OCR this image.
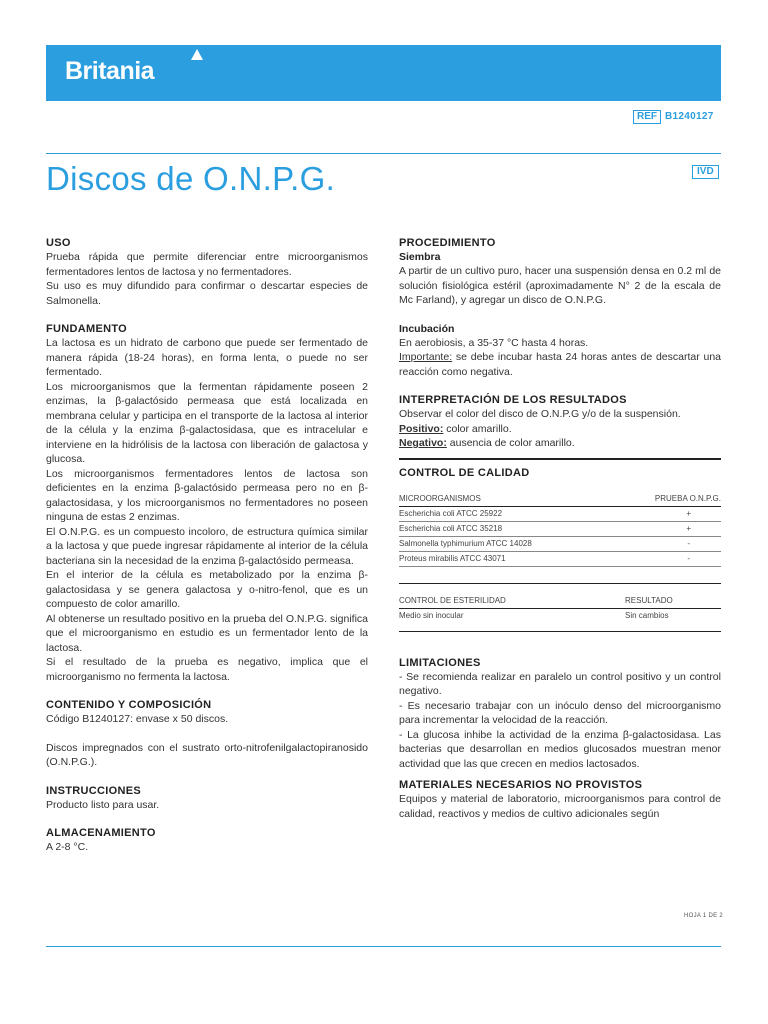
Britania
REF B1240127
Discos de O.N.P.G.	IVD
USO

Prueba rápida que permite diferenciar entre microorganismos fermentadores lentos de lactosa y no fermentadores.

Su uso es muy difundido para confirmar o descartar especies de Salmonella.

FUNDAMENTO

La lactosa es un hidrato de carbono que puede ser fermentado de manera rápida (18-24 horas), en forma lenta, o puede no ser fermentado.

Los microorganismos que la fermentan rápidamente poseen 2 enzimas, la β-galactósido permeasa que está localizada en membrana celular y participa en el transporte de la lactosa al interior de la célula y la enzima β-galactosidasa, que es intracelular e interviene en la hidrólisis de la lactosa con liberación de galactosa y glucosa.

Los microorganismos fermentadores lentos de lactosa son deficientes en la enzima β-galactósido permeasa pero no en β-galactosidasa, y los microorganismos no fermentadores no poseen ninguna de estas 2 enzimas.

El O.N.P.G. es un compuesto incoloro, de estructura química similar a la lactosa y que puede ingresar rápidamente al interior de la célula bacteriana sin la necesidad de la enzima β-galactósido permeasa.

En el interior de la célula es metabolizado por la enzima β-galactosidasa y se genera galactosa y o-nitro-fenol, que es un compuesto de color amarillo.

Al obtenerse un resultado positivo en la prueba del O.N.P.G. significa que el microorganismo en estudio es un fermentador lento de la lactosa.

Si el resultado de la prueba es negativo, implica que el microorganismo no fermenta la lactosa.

CONTENIDO Y COMPOSICIÓN

Código B1240127: envase x 50 discos.

Discos impregnados con el sustrato orto-nitrofenilgalactopiranosido (O.N.P.G.).

INSTRUCCIONES

Producto listo para usar.

ALMACENAMIENTO

A 2-8 °C.

PROCEDIMIENTO
Siembra

A partir de un cultivo puro, hacer una suspensión densa en 0.2 ml de solución fisiológica estéril (aproximadamente N° 2 de la escala de Mc Farland), y agregar un disco de O.N.P.G.

Incubación

En aerobiosis, a 35-37 °C hasta 4 horas.

Importante: se debe incubar hasta 24 horas antes de descartar una reacción como negativa.

INTERPRETACIÓN DE LOS RESULTADOS

Observar el color del disco de O.N.P.G y/o de la suspensión.

Positivo: color amarillo.

Negativo: ausencia de color amarillo.

CONTROL DE CALIDAD
MICROORGANISMOS	PRUEBA O.N.P.G.
Escherichia coli ATCC 25922	+
Escherichia coli ATCC 35218	+
Salmonella typhimurium ATCC 14028	-
Proteus mirabilis ATCC 43071	-
CONTROL DE ESTERILIDAD	RESULTADO
Medio sin inocular	Sin cambios
LIMITACIONES

- Se recomienda realizar en paralelo un control positivo y un control negativo.

- Es necesario trabajar con un inóculo denso del microorganismo para incrementar la velocidad de la reacción.

- La glucosa inhibe la actividad de la enzima β-galactosidasa. Las bacterias que desarrollan en medios glucosados muestran menor actividad que las que crecen en medios lactosados.

MATERIALES NECESARIOS NO PROVISTOS

Equipos y material de laboratorio, microorganismos para control de calidad, reactivos y medios de cultivo adicionales según

HOJA 1 DE 2
